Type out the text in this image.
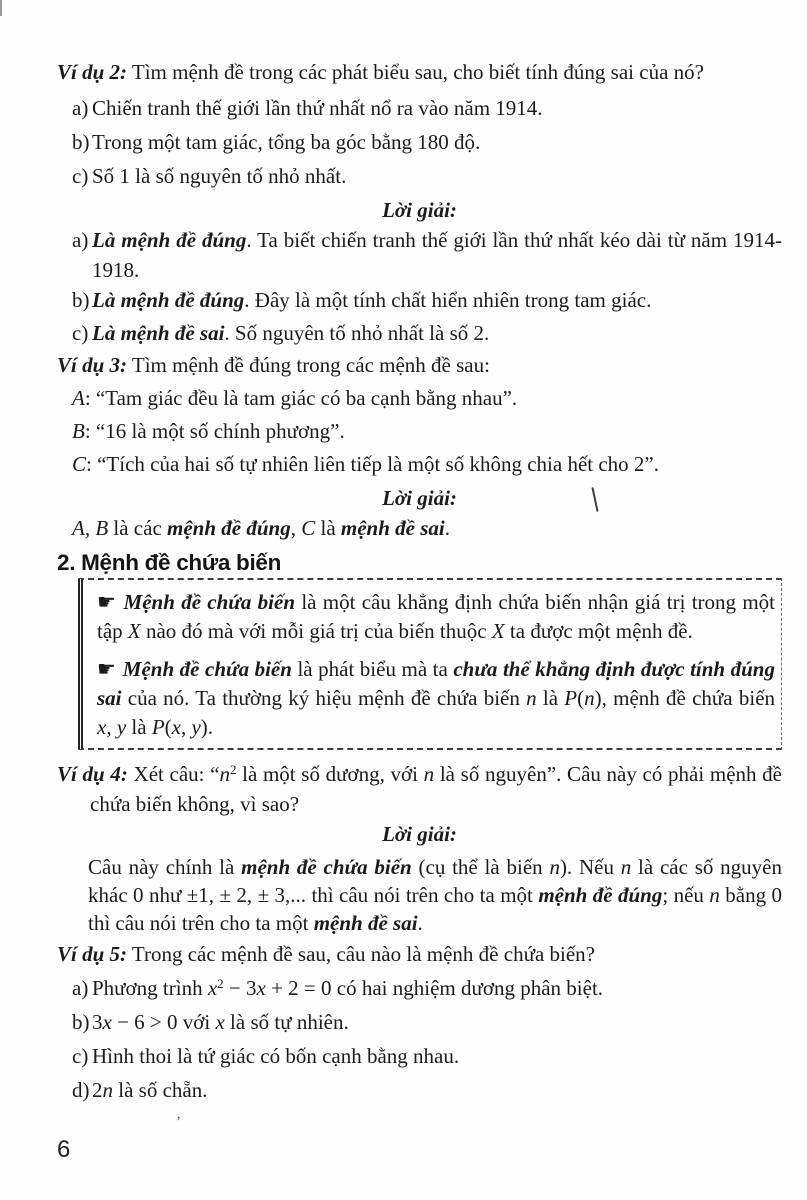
Ví dụ 2: Tìm mệnh đề trong các phát biểu sau, cho biết tính đúng sai của nó?

a) Chiến tranh thế giới lần thứ nhất nổ ra vào năm 1914.
b) Trong một tam giác, tổng ba góc bằng 180 độ.
c) Số 1 là số nguyên tố nhỏ nhất.

Lời giải:

a) Là mệnh đề đúng. Ta biết chiến tranh thế giới lần thứ nhất kéo dài từ năm 1914-1918.
b) Là mệnh đề đúng. Đây là một tính chất hiển nhiên trong tam giác.
c) Là mệnh đề sai. Số nguyên tố nhỏ nhất là số 2.

Ví dụ 3: Tìm mệnh đề đúng trong các mệnh đề sau:

A: “Tam giác đều là tam giác có ba cạnh bằng nhau”.

B: “16 là một số chính phương”.

C: “Tích của hai số tự nhiên liên tiếp là một số không chia hết cho 2”.

Lời giải:

A, B là các mệnh đề đúng, C là mệnh đề sai.

2. Mệnh đề chứa biến

☛ Mệnh đề chứa biến là một câu khẳng định chứa biến nhận giá trị trong một tập X nào đó mà với mỗi giá trị của biến thuộc X ta được một mệnh đề.

☛ Mệnh đề chứa biến là phát biểu mà ta chưa thể khẳng định được tính đúng sai của nó. Ta thường ký hiệu mệnh đề chứa biến n là P(n), mệnh đề chứa biến x, y là P(x, y).

Ví dụ 4: Xét câu: “$n^2$ là một số dương, với n là số nguyên”. Câu này có phải mệnh đề chứa biến không, vì sao?

Lời giải:

Câu này chính là mệnh đề chứa biến (cụ thể là biến n). Nếu n là các số nguyên khác 0 như ±1, ± 2, ± 3,... thì câu nói trên cho ta một mệnh đề đúng; nếu n bằng 0 thì câu nói trên cho ta một mệnh đề sai.

Ví dụ 5: Trong các mệnh đề sau, câu nào là mệnh đề chứa biến?

a) Phương trình $x^2 - 3x + 2 = 0$ có hai nghiệm dương phân biệt.
b) 3x − 6 > 0 với x là số tự nhiên.
c) Hình thoi là tứ giác có bốn cạnh bằng nhau.
d) 2n là số chẵn.
6
’
